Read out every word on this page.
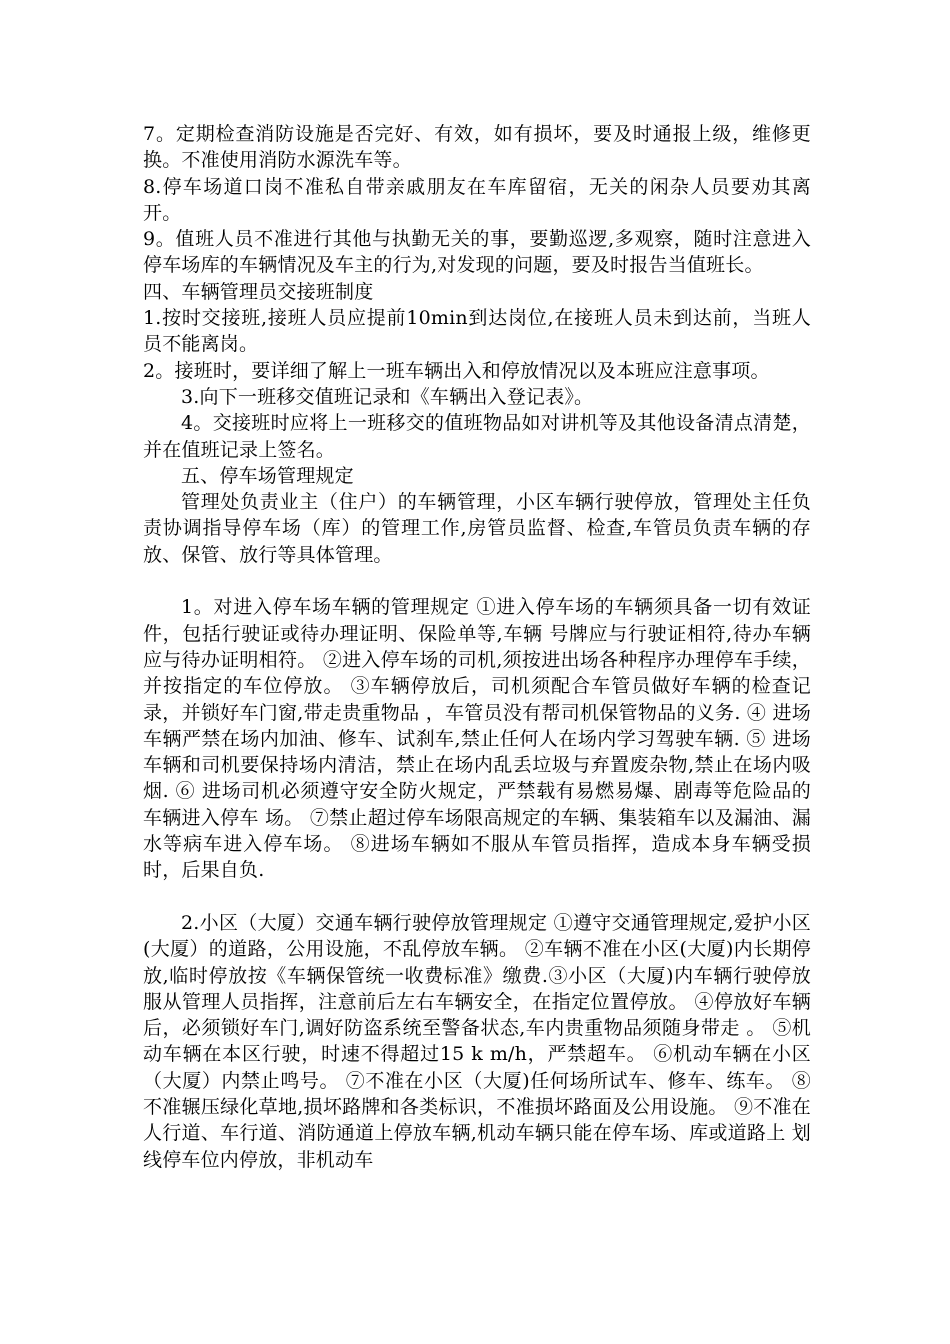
7。定期检查消防设施是否完好、有效，如有损坏，要及时通报上级，维修更换。不准使用消防水源洗车等。

8.停车场道口岗不准私自带亲戚朋友在车库留宿，无关的闲杂人员要劝其离开。

9。值班人员不准进行其他与执勤无关的事，要勤巡逻,多观察，随时注意进入停车场库的车辆情况及车主的行为,对发现的问题，要及时报告当值班长。

四、车辆管理员交接班制度

1.按时交接班,接班人员应提前10min到达岗位,在接班人员未到达前，当班人员不能离岗。

2。接班时，要详细了解上一班车辆出入和停放情况以及本班应注意事项。

3.向下一班移交值班记录和《车辆出入登记表》。

4。交接班时应将上一班移交的值班物品如对讲机等及其他设备清点清楚，并在值班记录上签名。

五、停车场管理规定

管理处负责业主（住户）的车辆管理，小区车辆行驶停放，管理处主任负责协调指导停车场（库）的管理工作,房管员监督、检查,车管员负责车辆的存放、保管、放行等具体管理。

1。对进入停车场车辆的管理规定 ①进入停车场的车辆须具备一切有效证件，包括行驶证或待办理证明、保险单等,车辆 号牌应与行驶证相符,待办车辆应与待办证明相符。 ②进入停车场的司机,须按进出场各种程序办理停车手续，并按指定的车位停放。 ③车辆停放后，司机须配合车管员做好车辆的检查记录，并锁好车门窗,带走贵重物品 ，车管员没有帮司机保管物品的义务. ④ 进场车辆严禁在场内加油、修车、试刹车,禁止任何人在场内学习驾驶车辆. ⑤ 进场车辆和司机要保持场内清洁，禁止在场内乱丢垃圾与弃置废杂物,禁止在场内吸 烟. ⑥ 进场司机必须遵守安全防火规定，严禁载有易燃易爆、剧毒等危险品的车辆进入停车 场。 ⑦禁止超过停车场限高规定的车辆、集装箱车以及漏油、漏水等病车进入停车场。 ⑧进场车辆如不服从车管员指挥，造成本身车辆受损时，后果自负.

2.小区（大厦）交通车辆行驶停放管理规定 ①遵守交通管理规定,爱护小区(大厦）的道路，公用设施，不乱停放车辆。 ②车辆不准在小区(大厦)内长期停放,临时停放按《车辆保管统一收费标准》缴费.③小区（大厦)内车辆行驶停放服从管理人员指挥，注意前后左右车辆安全，在指定位置停放。 ④停放好车辆后，必须锁好车门,调好防盗系统至警备状态,车内贵重物品须随身带走 。 ⑤机动车辆在本区行驶，时速不得超过15 k m/h，严禁超车。 ⑥机动车辆在小区（大厦）内禁止鸣号。 ⑦不准在小区（大厦)任何场所试车、修车、练车。 ⑧不准辗压绿化草地,损坏路牌和各类标识，不准损坏路面及公用设施。 ⑨不准在人行道、车行道、消防通道上停放车辆,机动车辆只能在停车场、库或道路上 划线停车位内停放，非机动车
